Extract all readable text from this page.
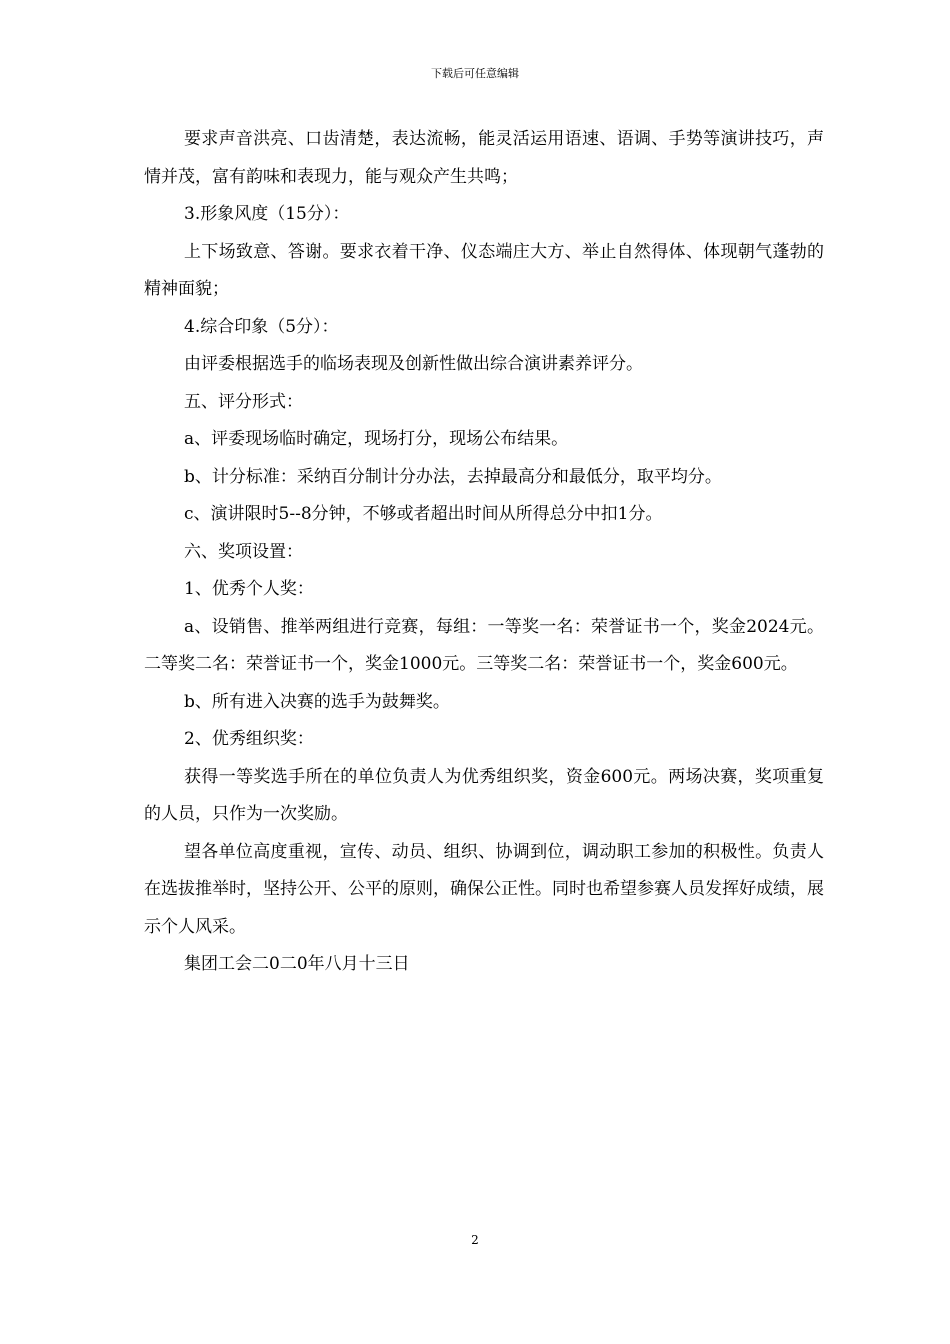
下载后可任意编辑

要求声音洪亮、口齿清楚，表达流畅，能灵活运用语速、语调、手势等演讲技巧，声情并茂，富有韵味和表现力，能与观众产生共鸣；

3.形象风度（15分）：

上下场致意、答谢。要求衣着干净、仪态端庄大方、举止自然得体、体现朝气蓬勃的精神面貌；

4.综合印象（5分）：

由评委根据选手的临场表现及创新性做出综合演讲素养评分。

五、评分形式：

a、评委现场临时确定，现场打分，现场公布结果。

b、计分标准：采纳百分制计分办法，去掉最高分和最低分，取平均分。

c、演讲限时5--8分钟，不够或者超出时间从所得总分中扣1分。

六、奖项设置：

1、优秀个人奖：

a、设销售、推举两组进行竞赛，每组：一等奖一名：荣誉证书一个，奖金2024元。二等奖二名：荣誉证书一个，奖金1000元。三等奖二名：荣誉证书一个，奖金600元。

b、所有进入决赛的选手为鼓舞奖。

2、优秀组织奖：

获得一等奖选手所在的单位负责人为优秀组织奖，资金600元。两场决赛，奖项重复的人员，只作为一次奖励。

望各单位高度重视，宣传、动员、组织、协调到位，调动职工参加的积极性。负责人在选拔推举时，坚持公开、公平的原则，确保公正性。同时也希望参赛人员发挥好成绩，展示个人风采。

集团工会二0二0年八月十三日

2
